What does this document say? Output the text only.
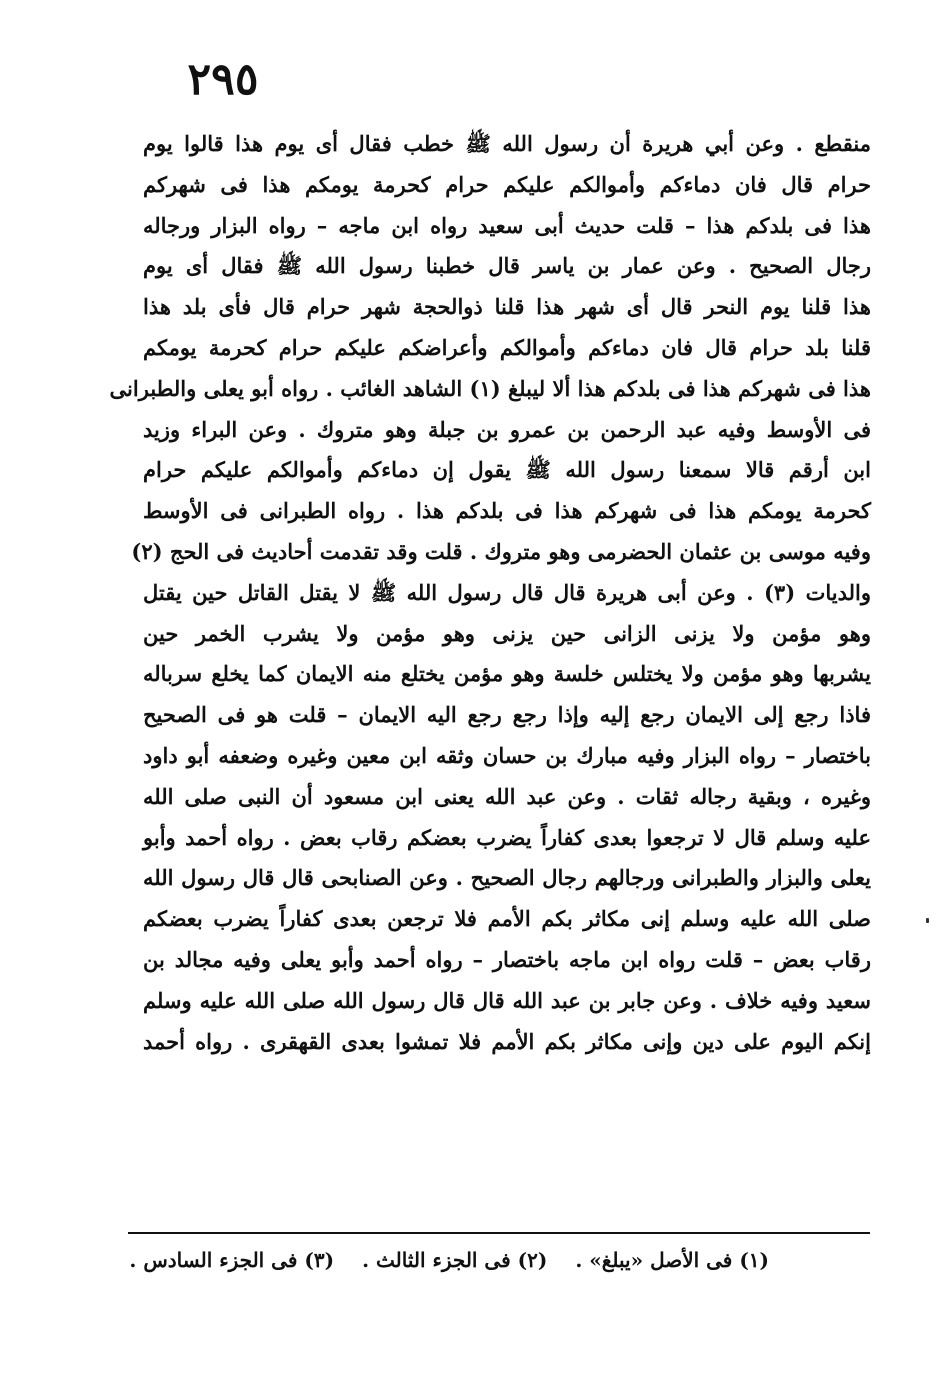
٢٩٥
منقطع . وعن أبي هريرة أن رسول الله ﷺ خطب فقال أى يوم هذا قالوا يوم
حرام قال فان دماءكم وأموالكم عليكم حرام كحرمة يومكم هذا فى شهركم
هذا فى بلدكم هذا – قلت حديث أبى سعيد رواه ابن ماجه – رواه البزار ورجاله
رجال الصحيح . وعن عمار بن ياسر قال خطبنا رسول الله ﷺ فقال أى يوم
هذا قلنا يوم النحر قال أى شهر هذا قلنا ذوالحجة شهر حرام قال فأى بلد هذا
قلنا بلد حرام قال فان دماءكم وأموالكم وأعراضكم عليكم حرام كحرمة يومكم
هذا فى شهركم هذا فى بلدكم هذا ألا ليبلغ (١) الشاهد الغائب . رواه أبو يعلى والطبرانى
فى الأوسط وفيه عبد الرحمن بن عمرو بن جبلة وهو متروك . وعن البراء وزيد
ابن أرقم قالا سمعنا رسول الله ﷺ يقول إن دماءكم وأموالكم عليكم حرام
كحرمة يومكم هذا فى شهركم هذا فى بلدكم هذا . رواه الطبرانى فى الأوسط
وفيه موسى بن عثمان الحضرمى وهو متروك . قلت وقد تقدمت أحاديث فى الحج (٢)
والديات (٣) . وعن أبى هريرة قال قال رسول الله ﷺ لا يقتل القاتل حين يقتل
وهو مؤمن ولا يزنى الزانى حين يزنى وهو مؤمن ولا يشرب الخمر حين
يشربها وهو مؤمن ولا يختلس خلسة وهو مؤمن يختلع منه الايمان كما يخلع سرباله
فاذا رجع إلى الايمان رجع إليه وإذا رجع رجع اليه الايمان – قلت هو فى الصحيح
باختصار – رواه البزار وفيه مبارك بن حسان وثقه ابن معين وغيره وضعفه أبو داود
وغيره ، وبقية رجاله ثقات . وعن عبد الله يعنى ابن مسعود أن النبى صلى الله
عليه وسلم قال لا ترجعوا بعدى كفاراً يضرب بعضكم رقاب بعض . رواه أحمد وأبو
يعلى والبزار والطبرانى ورجالهم رجال الصحيح . وعن الصنابحى قال قال رسول الله
صلى الله عليه وسلم إنى مكاثر بكم الأمم فلا ترجعن بعدى كفاراً يضرب بعضكم
رقاب بعض – قلت رواه ابن ماجه باختصار – رواه أحمد وأبو يعلى وفيه مجالد بن
سعيد وفيه خلاف . وعن جابر بن عبد الله قال قال رسول الله صلى الله عليه وسلم
إنكم اليوم على دين وإنى مكاثر بكم الأمم فلا تمشوا بعدى القهقرى . رواه أحمد
(١) فى الأصل «يبلغ» .
(٢) فى الجزء الثالث .
(٣) فى الجزء السادس .
